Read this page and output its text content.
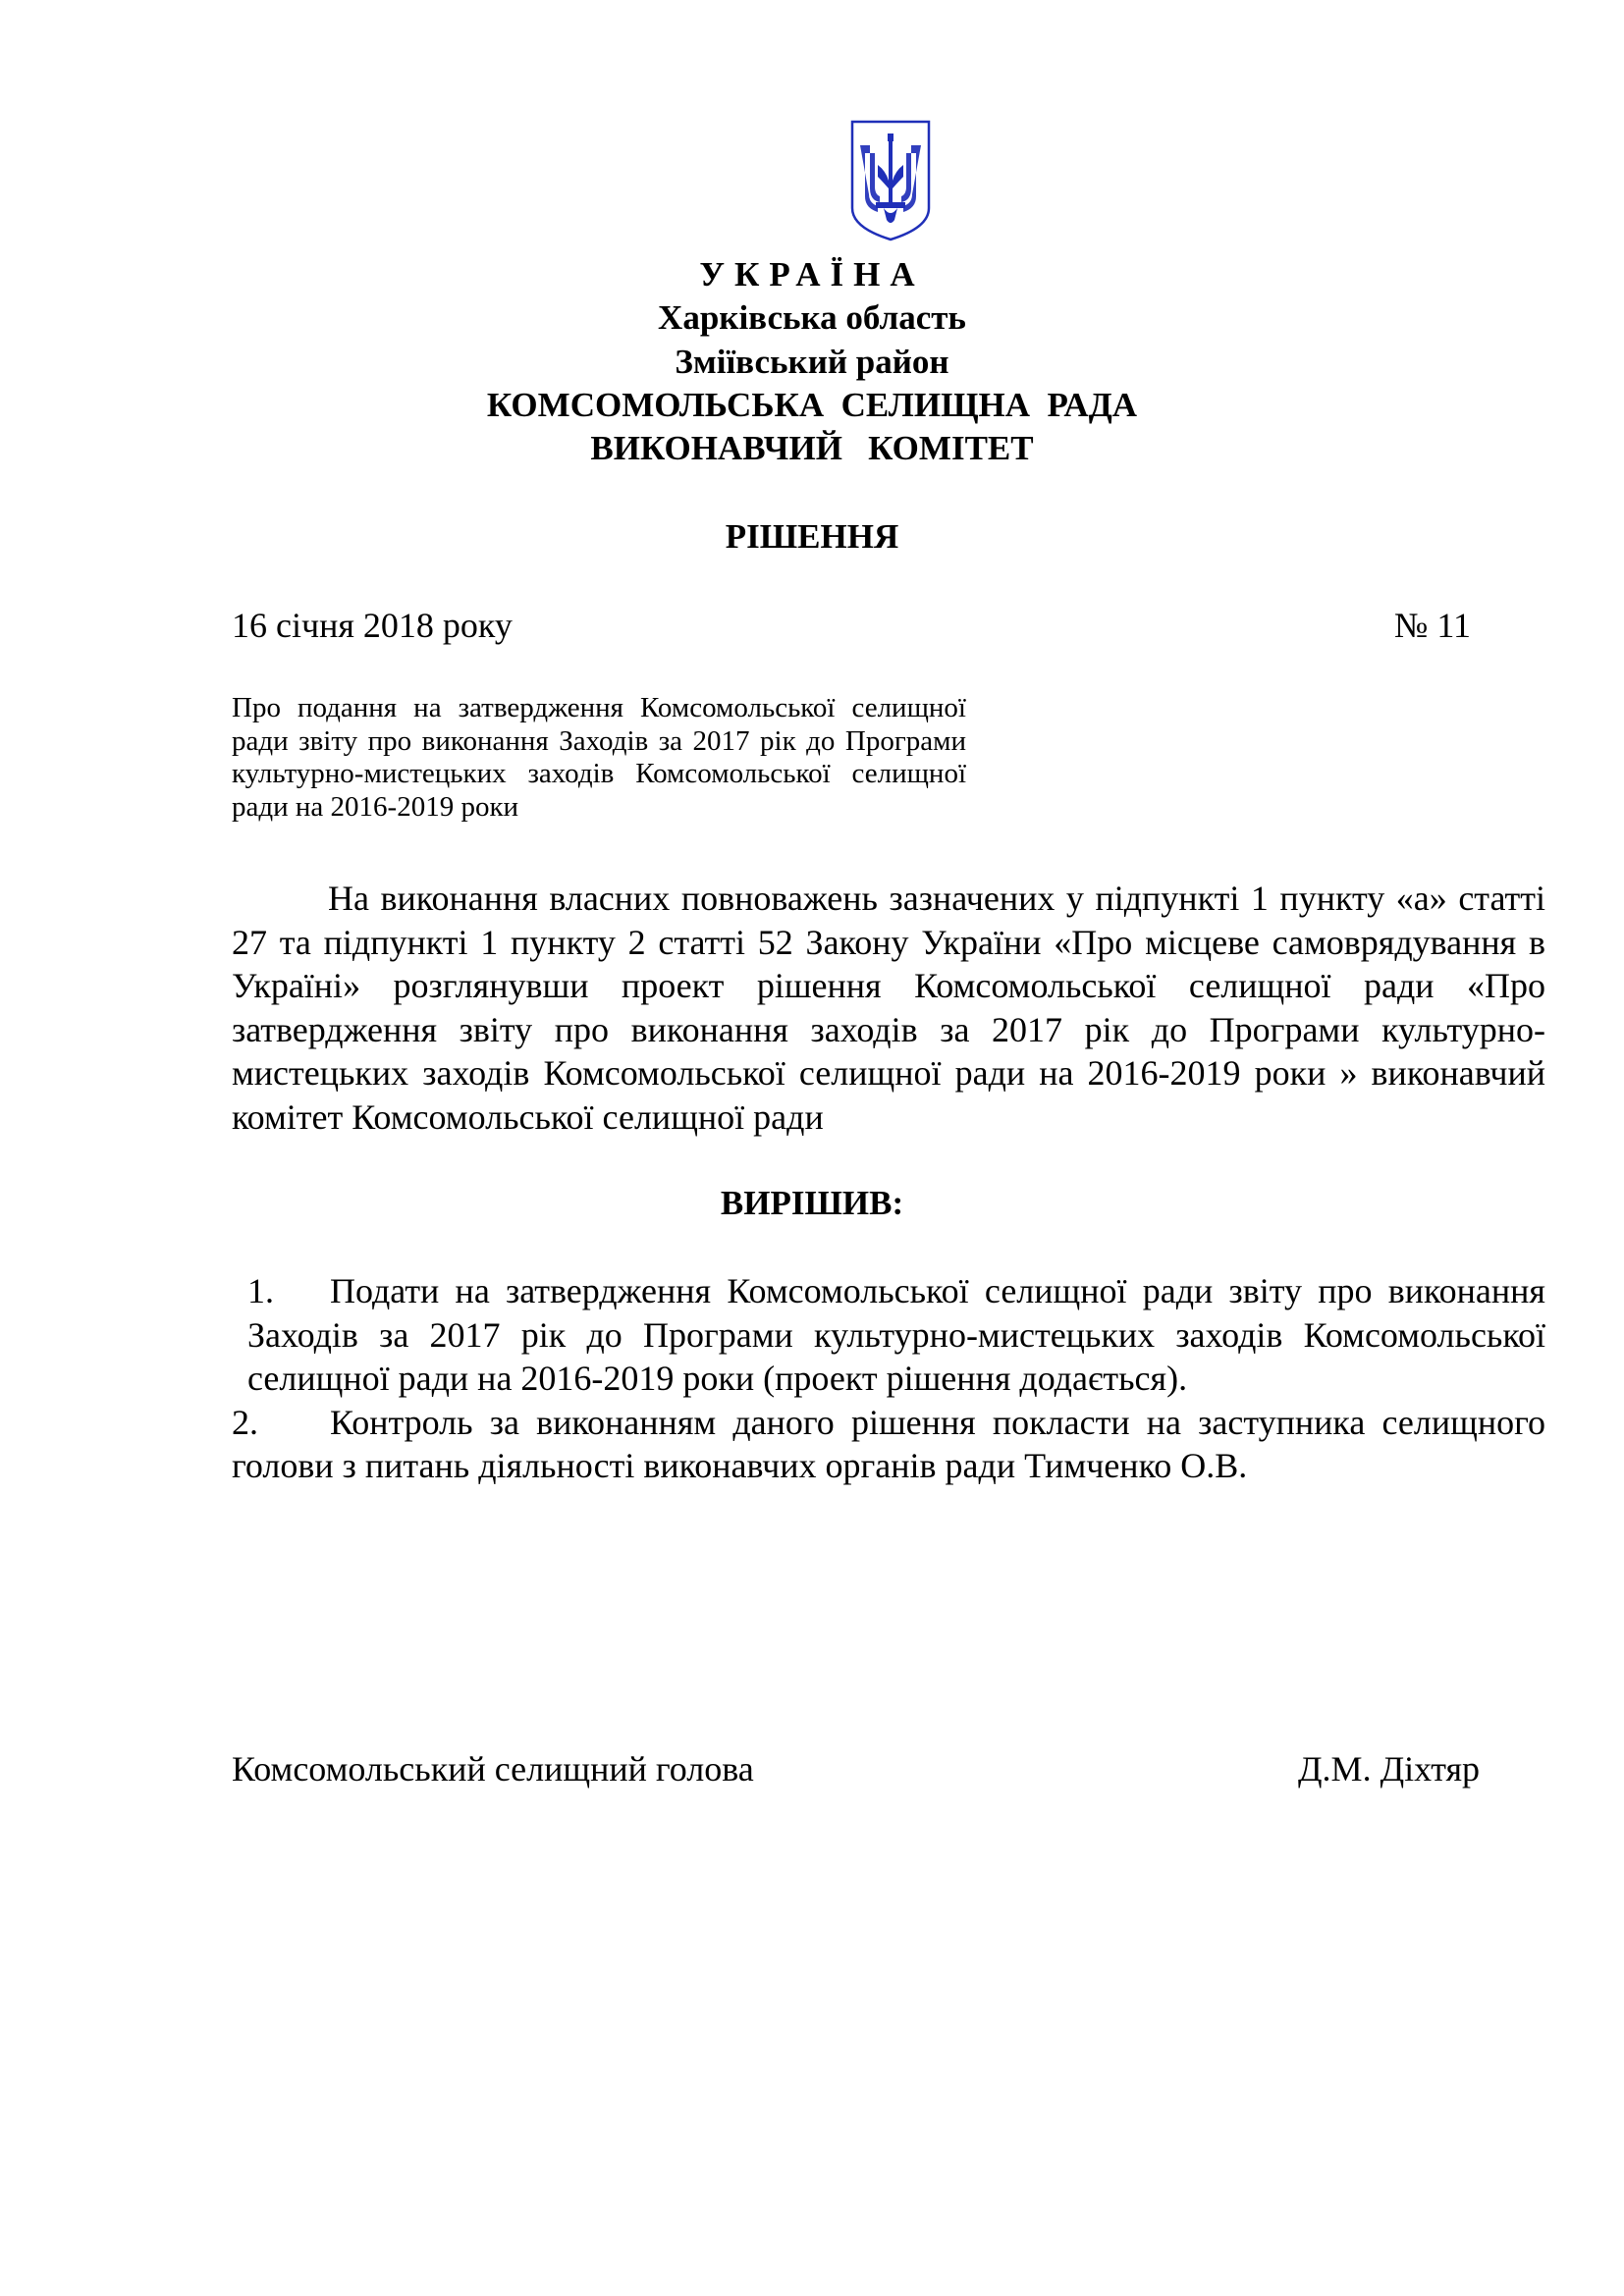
УКРАЇНА
Харківська область
Зміївський район
КОМСОМОЛЬСЬКА  СЕЛИЩНА  РАДА
ВИКОНАВЧИЙ   КОМІТЕТ
РІШЕННЯ
16 січня 2018 року	№ 11
Про подання на затвердження Комсомольської селищної ради звіту про виконання Заходів за 2017 рік до Програми культурно-мистецьких заходів Комсомольської селищної ради на 2016-2019 роки
На виконання власних повноважень зазначених у підпункті 1 пункту «а» статті 27 та підпункті 1 пункту 2 статті 52 Закону України «Про місцеве самоврядування в Україні» розглянувши проект рішення Комсомольської селищної ради «Про затвердження звіту про виконання заходів за 2017 рік до Програми культурно-мистецьких заходів Комсомольської селищної ради на 2016-2019 роки » виконавчий комітет Комсомольської селищної ради
ВИРІШИВ:
1. Подати на затвердження Комсомольської селищної ради звіту про виконання Заходів за 2017 рік до Програми культурно-мистецьких заходів Комсомольської селищної ради на 2016-2019 роки (проект рішення додається).
2. Контроль за виконанням даного рішення покласти на заступника селищного голови з питань діяльності виконавчих органів ради Тимченко О.В.
Комсомольський селищний голова	Д.М. Діхтяр
